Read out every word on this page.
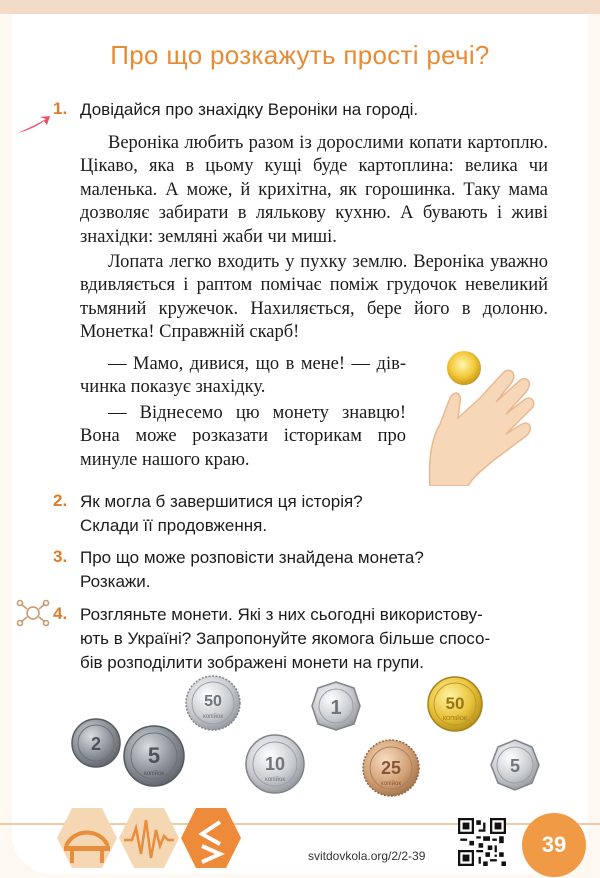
Про що розкажуть прості речі?
1. Довідайся про знахідку Вероніки на городі.

Вероніка любить разом із дорослими копати картоплю. Цікаво, яка в цьому кущі буде картоплина: велика чи маленька. А може, й крихітна, як горошинка. Таку мама дозволяє забирати в лялькову кухню. А бувають і живі знахідки: земляні жаби чи миші.

Лопата легко входить у пухку землю. Вероніка уважно вдивляється і раптом помічає поміж грудочок невеликий тьмяний кружечок. Нахиляється, бере його в долоню. Монетка! Справжній скарб!

— Мамо, дивися, що в мене! — дівчинка показує знахідку.

— Віднесемо цю монету знавцю! Вона може розказати історикам про минуле нашого краю.

2. Як могла б завершитися ця історія?
Склади її продовження.
3. Про що може розповісти знайдена монета?
Розкажи.
4. Розгляньте монети. Які з них сьогодні використову-
ють в Україні? Запропонуйте якомога більше спосо-
бів розподілити зображені монети на групи.
50
копійок	1	50
КОПІЙОК
2 5
копійок	10
копійок
25
копійок
5
svitdovkola.org/2/2-39	39
